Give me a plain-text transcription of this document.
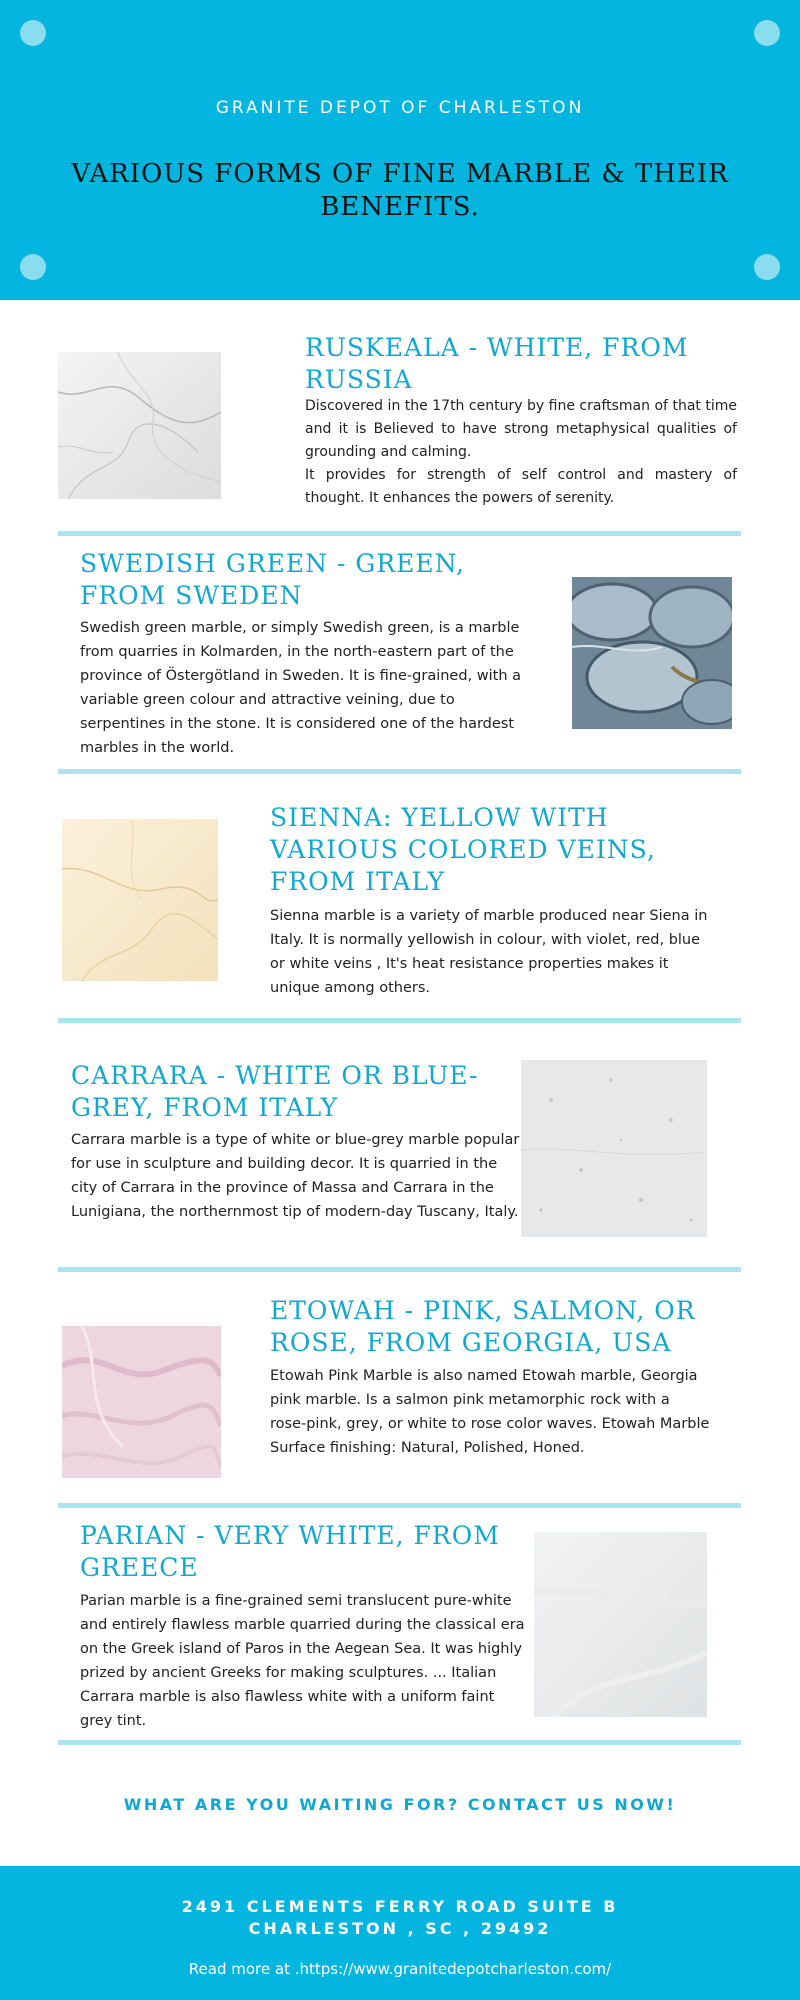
GRANITE DEPOT OF CHARLESTON
VARIOUS FORMS OF FINE MARBLE & THEIR BENEFITS.
RUSKEALA - WHITE, FROM RUSSIA
Discovered in the 17th century by fine craftsman of that time and it is Believed to have strong metaphysical qualities of grounding and calming.
It provides for strength of self control and mastery of thought. It enhances the powers of serenity.
SWEDISH GREEN - GREEN, FROM SWEDEN
Swedish green marble, or simply Swedish green, is a marble from quarries in Kolmarden, in the north-eastern part of the province of Östergötland in Sweden. It is fine-grained, with a variable green colour and attractive veining, due to serpentines in the stone. It is considered one of the hardest marbles in the world.
SIENNA: YELLOW WITH VARIOUS COLORED VEINS, FROM ITALY
Sienna marble is a variety of marble produced near Siena in Italy. It is normally yellowish in colour, with violet, red, blue or white veins , It's heat resistance properties makes it unique among others.
CARRARA - WHITE OR BLUE-GREY, FROM ITALY
Carrara marble is a type of white or blue-grey marble popular for use in sculpture and building decor. It is quarried in the city of Carrara in the province of Massa and Carrara in the Lunigiana, the northernmost tip of modern-day Tuscany, Italy.
ETOWAH - PINK, SALMON, OR ROSE, FROM GEORGIA, USA
Etowah Pink Marble is also named Etowah marble, Georgia pink marble. Is a salmon pink metamorphic rock with a rose-pink, grey, or white to rose color waves. Etowah Marble Surface finishing: Natural, Polished, Honed.
PARIAN - VERY WHITE, FROM GREECE
Parian marble is a fine-grained semi translucent pure-white and entirely flawless marble quarried during the classical era on the Greek island of Paros in the Aegean Sea. It was highly prized by ancient Greeks for making sculptures. ... Italian Carrara marble is also flawless white with a uniform faint grey tint.
WHAT ARE YOU WAITING FOR? CONTACT US NOW!
2491 CLEMENTS FERRY ROAD SUITE B
CHARLESTON , SC , 29492
Read more at .https://www.granitedepotcharleston.com/
